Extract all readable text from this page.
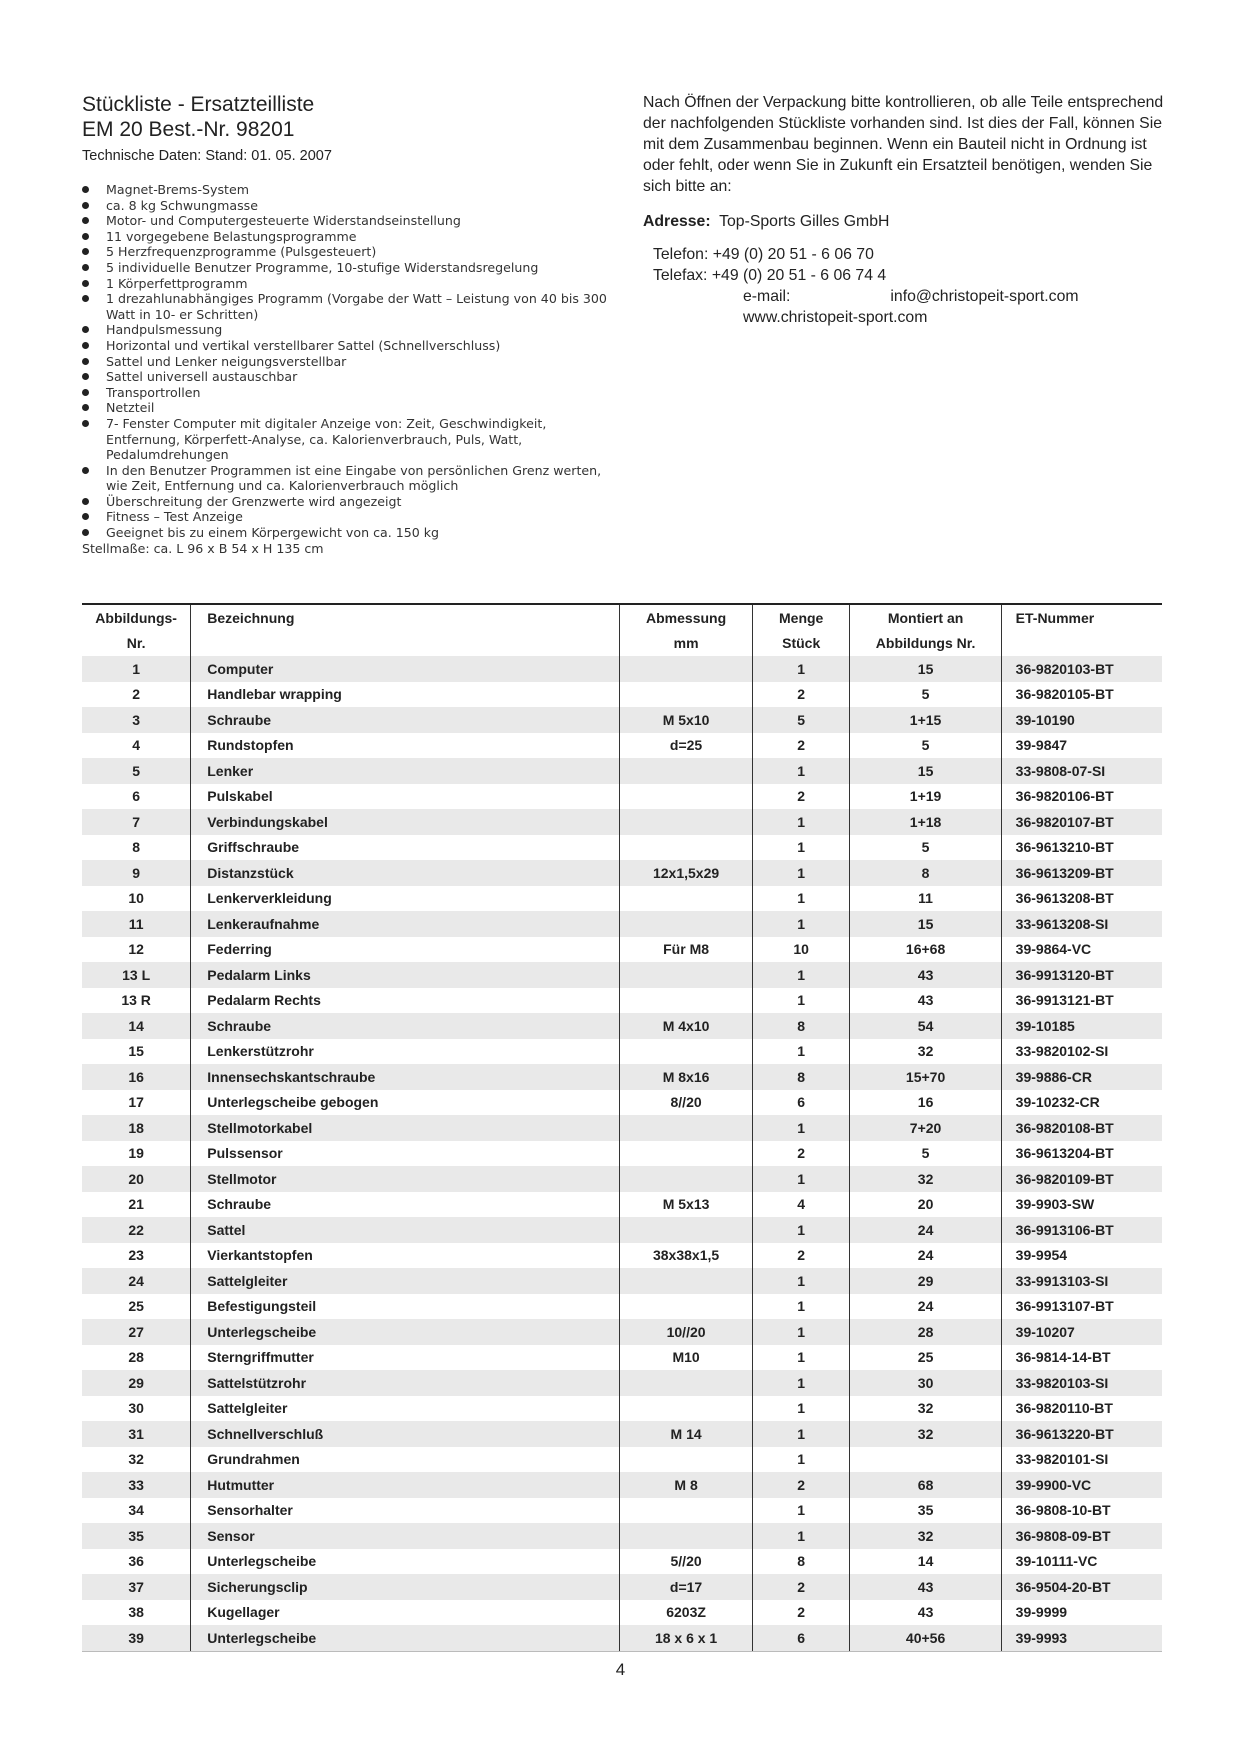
Stückliste - Ersatzteilliste

EM 20 Best.-Nr. 98201

Technische Daten: Stand: 01. 05. 2007

Magnet-Brems-System
ca. 8 kg Schwungmasse
Motor- und Computergesteuerte Widerstandseinstellung
11 vorgegebene Belastungsprogramme
5 Herzfrequenzprogramme (Pulsgesteuert)
5 individuelle Benutzer Programme, 10-stufige Widerstandsregelung
1 Körperfettprogramm
1 drezahlunabhängiges Programm (Vorgabe der Watt – Leistung von 40 bis 300 Watt in 10- er Schritten)
Handpulsmessung
Horizontal und vertikal verstellbarer Sattel (Schnellverschluss)
Sattel und Lenker neigungsverstellbar
Sattel universell austauschbar
Transportrollen
Netzteil
7- Fenster Computer mit digitaler Anzeige von: Zeit, Geschwindigkeit, Entfernung, Körperfett-Analyse, ca. Kalorienverbrauch, Puls, Watt, Pedalumdrehungen
In den Benutzer Programmen ist eine Eingabe von persönlichen Grenz werten, wie Zeit, Entfernung und ca. Kalorienverbrauch möglich
Überschreitung der Grenzwerte wird angezeigt
Fitness – Test Anzeige
Geeignet bis zu einem Körpergewicht von ca. 150 kg

Stellmaße: ca. L 96 x B 54 x H 135 cm

Nach Öffnen der Verpackung bitte kontrollieren, ob alle Teile entsprechend der nachfolgenden Stückliste vorhanden sind. Ist dies der Fall, können Sie mit dem Zusammenbau beginnen. Wenn ein Bauteil nicht in Ordnung ist oder fehlt, oder wenn Sie in Zukunft ein Ersatzteil benötigen, wenden Sie sich bitte an:

Adresse: Top-Sports Gilles GmbH

Telefon: +49 (0) 20 51 - 6 06 70
Telefax: +49 (0) 20 51 - 6 06 74 4
e-mail:	info@christopeit-sport.com
www.christopeit-sport.com
Abbildungs-	Bezeichnung	Abmessung	Menge	Montiert an	ET-Nummer
Nr.		mm	Stück	Abbildungs Nr.	
1	Computer		1	15	36-9820103-BT
2	Handlebar wrapping		2	5	36-9820105-BT
3	Schraube	M 5x10	5	1+15	39-10190
4	Rundstopfen	d=25	2	5	39-9847
5	Lenker		1	15	33-9808-07-SI
6	Pulskabel		2	1+19	36-9820106-BT
7	Verbindungskabel		1	1+18	36-9820107-BT
8	Griffschraube		1	5	36-9613210-BT
9	Distanzstück	12x1,5x29	1	8	36-9613209-BT
10	Lenkerverkleidung		1	11	36-9613208-BT
11	Lenkeraufnahme		1	15	33-9613208-SI
12	Federring	Für M8	10	16+68	39-9864-VC
13 L	Pedalarm Links		1	43	36-9913120-BT
13 R	Pedalarm Rechts		1	43	36-9913121-BT
14	Schraube	M 4x10	8	54	39-10185
15	Lenkerstützrohr		1	32	33-9820102-SI
16	Innensechskantschraube	M 8x16	8	15+70	39-9886-CR
17	Unterlegscheibe gebogen	8//20	6	16	39-10232-CR
18	Stellmotorkabel		1	7+20	36-9820108-BT
19	Pulssensor		2	5	36-9613204-BT
20	Stellmotor		1	32	36-9820109-BT
21	Schraube	M 5x13	4	20	39-9903-SW
22	Sattel		1	24	36-9913106-BT
23	Vierkantstopfen	38x38x1,5	2	24	39-9954
24	Sattelgleiter		1	29	33-9913103-SI
25	Befestigungsteil		1	24	36-9913107-BT
27	Unterlegscheibe	10//20	1	28	39-10207
28	Sterngriffmutter	M10	1	25	36-9814-14-BT
29	Sattelstützrohr		1	30	33-9820103-SI
30	Sattelgleiter		1	32	36-9820110-BT
31	Schnellverschluß	M 14	1	32	36-9613220-BT
32	Grundrahmen		1		33-9820101-SI
33	Hutmutter	M 8	2	68	39-9900-VC
34	Sensorhalter		1	35	36-9808-10-BT
35	Sensor		1	32	36-9808-09-BT
36	Unterlegscheibe	5//20	8	14	39-10111-VC
37	Sicherungsclip	d=17	2	43	36-9504-20-BT
38	Kugellager	6203Z	2	43	39-9999
39	Unterlegscheibe	18 x 6 x 1	6	40+56	39-9993
4
